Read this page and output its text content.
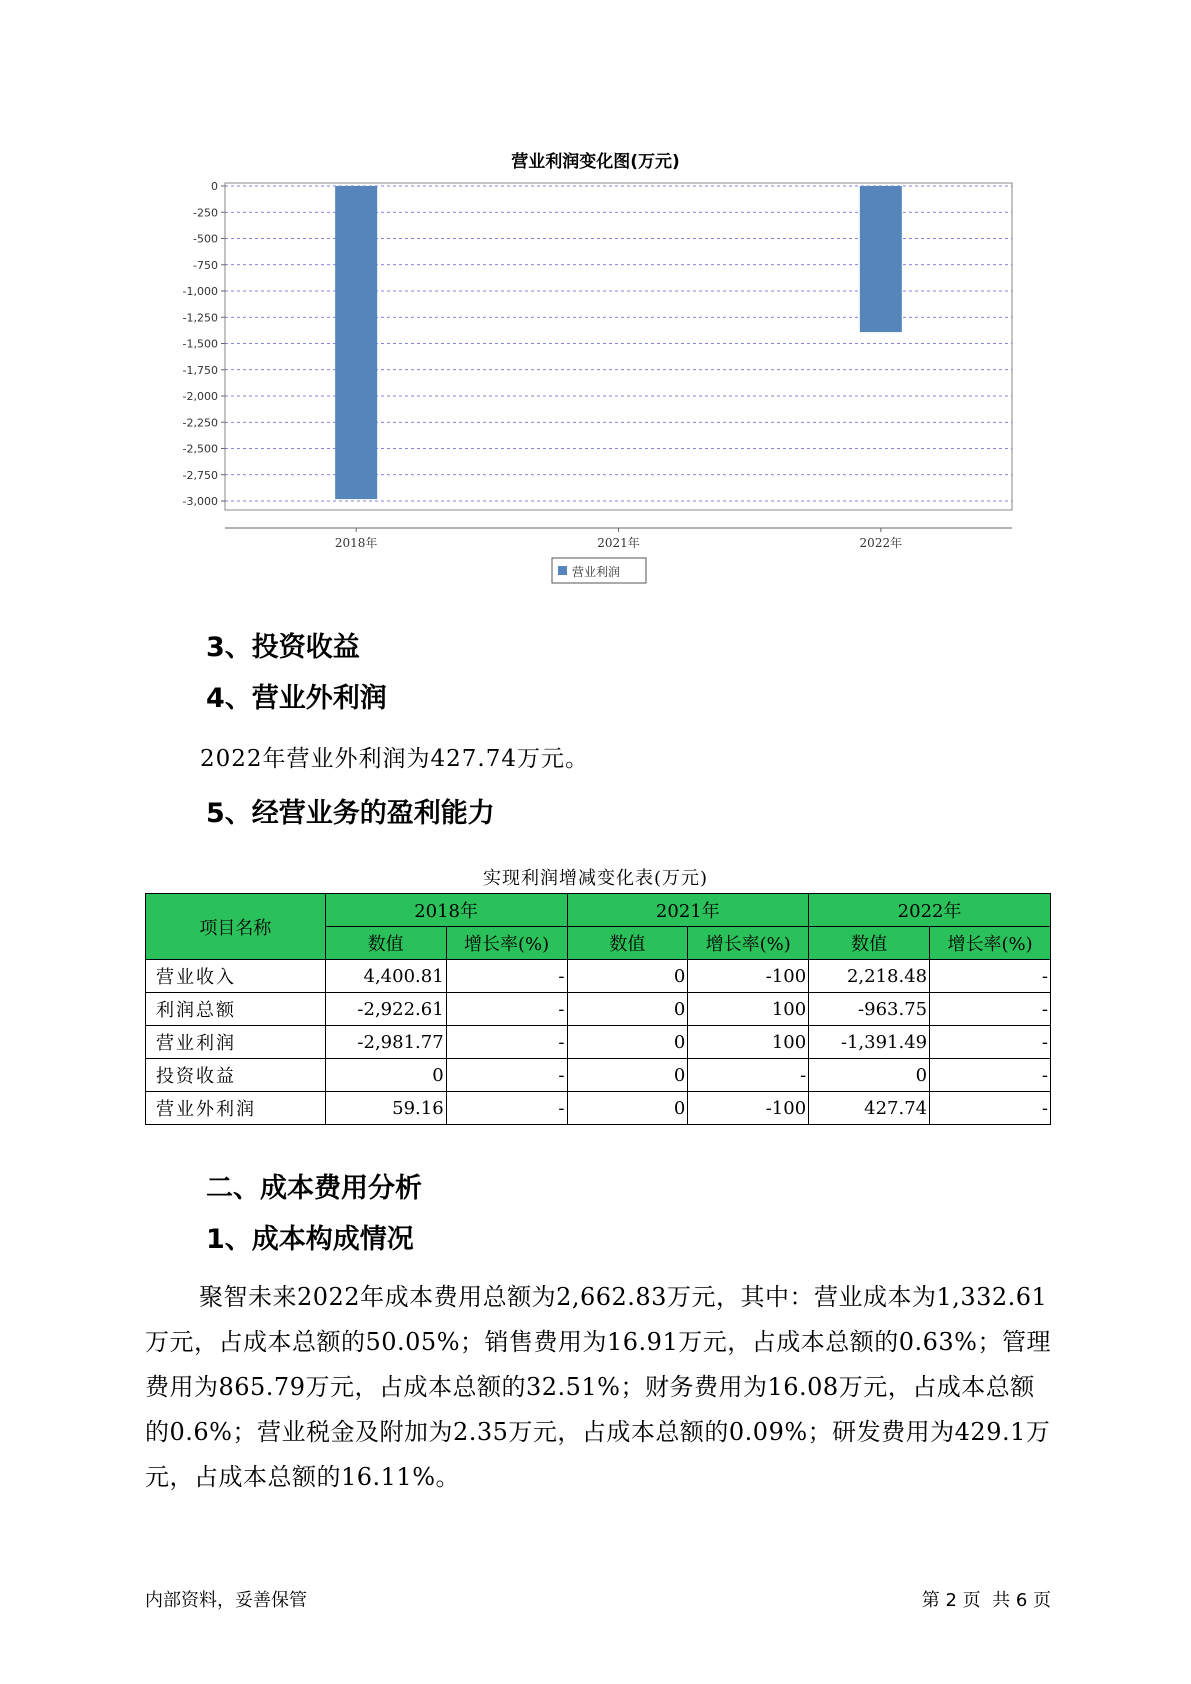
营业利润变化图(万元)
0
-250
-500
-750
-1,000
-1,250
-1,500
-1,750
-2,000
-2,250
-2,500
-2,750
-3,000
2018年	2021年	2022年
营业利润
3、投资收益
4、营业外利润
2022年营业外利润为427.74万元。
5、经营业务的盈利能力
实现利润增减变化表(万元)
项目名称	2018年		2021年		2022年	
	数值	增长率(%)	数值	增长率(%)	数值	增长率(%)
营业收入	4,400.81	-	0	-100	2,218.48	-
利润总额	-2,922.61	-	0	100	-963.75	-
营业利润	-2,981.77	-	0	100	-1,391.49	-
投资收益	0	-	0	-	0	-
营业外利润	59.16	-	0	-100	427.74	-
二、成本费用分析
1、成本构成情况
聚智未来2022年成本费用总额为2,662.83万元，其中：营业成本为1,332.61万元，占成本总额的50.05%；销售费用为16.91万元，占成本总额的0.63%；管理费用为865.79万元，占成本总额的32.51%；财务费用为16.08万元，占成本总额的0.6%；营业税金及附加为2.35万元，占成本总额的0.09%；研发费用为429.1万元，占成本总额的16.11%。
内部资料，妥善保管	第 2 页  共 6 页
